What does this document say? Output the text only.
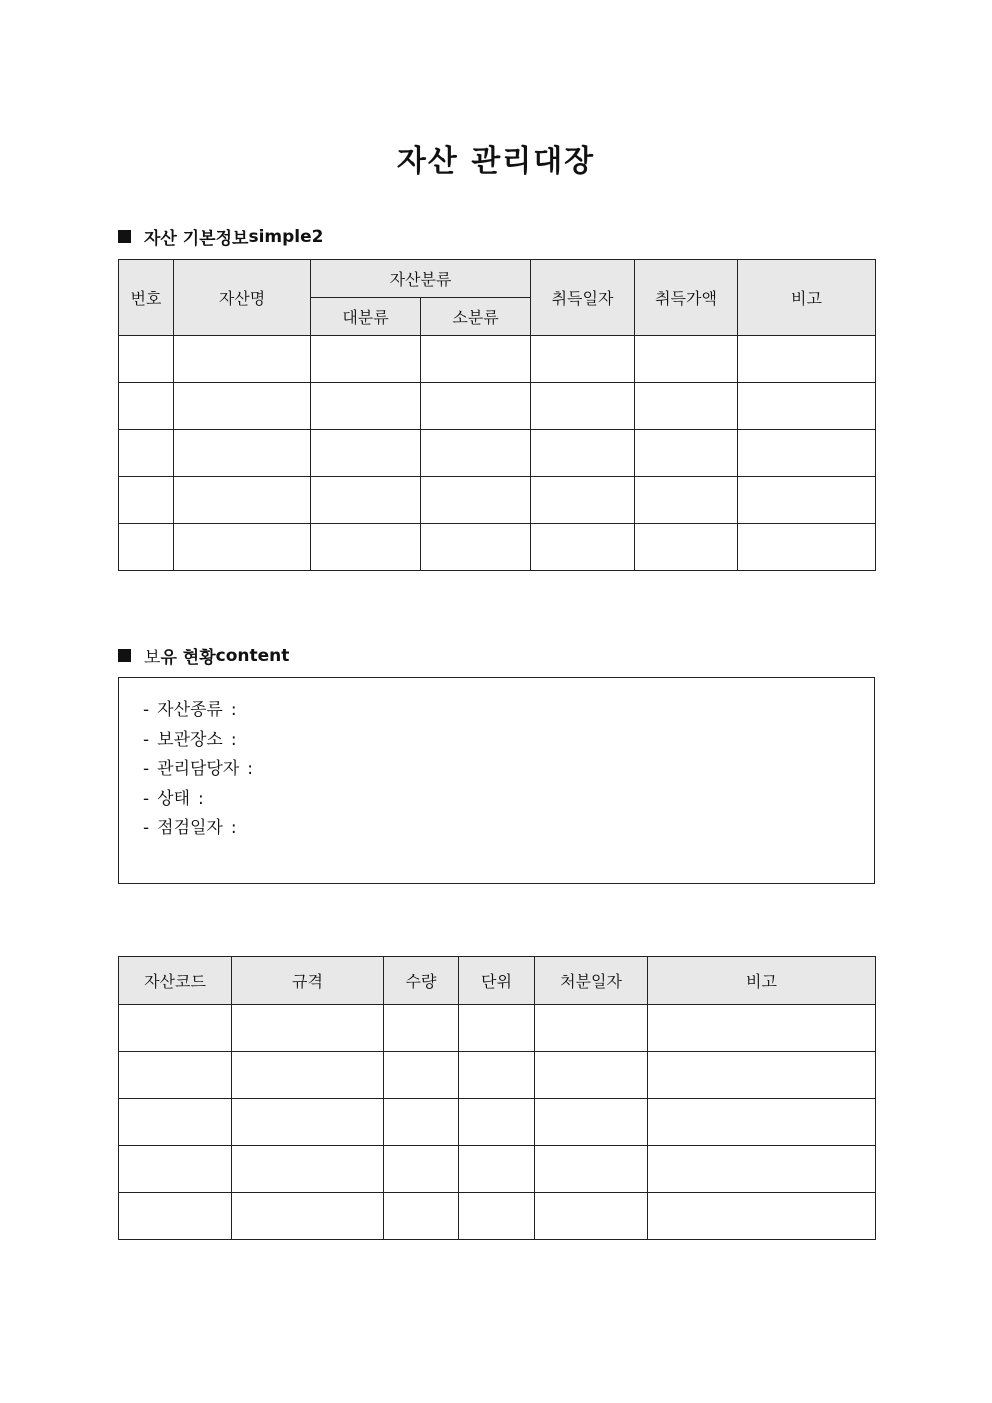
자산 관리대장
자산 기본정보 simple2
번호	자산명	자산분류		취득일자	취득가액	비고
		대분류	소분류			

보 유 현황 content
- 자산종류 :
- 보관장소 :
- 관리담당자 :
- 상태 :
- 점검일자 :
자산코드	규격	수량	단위	처분일자	비고
